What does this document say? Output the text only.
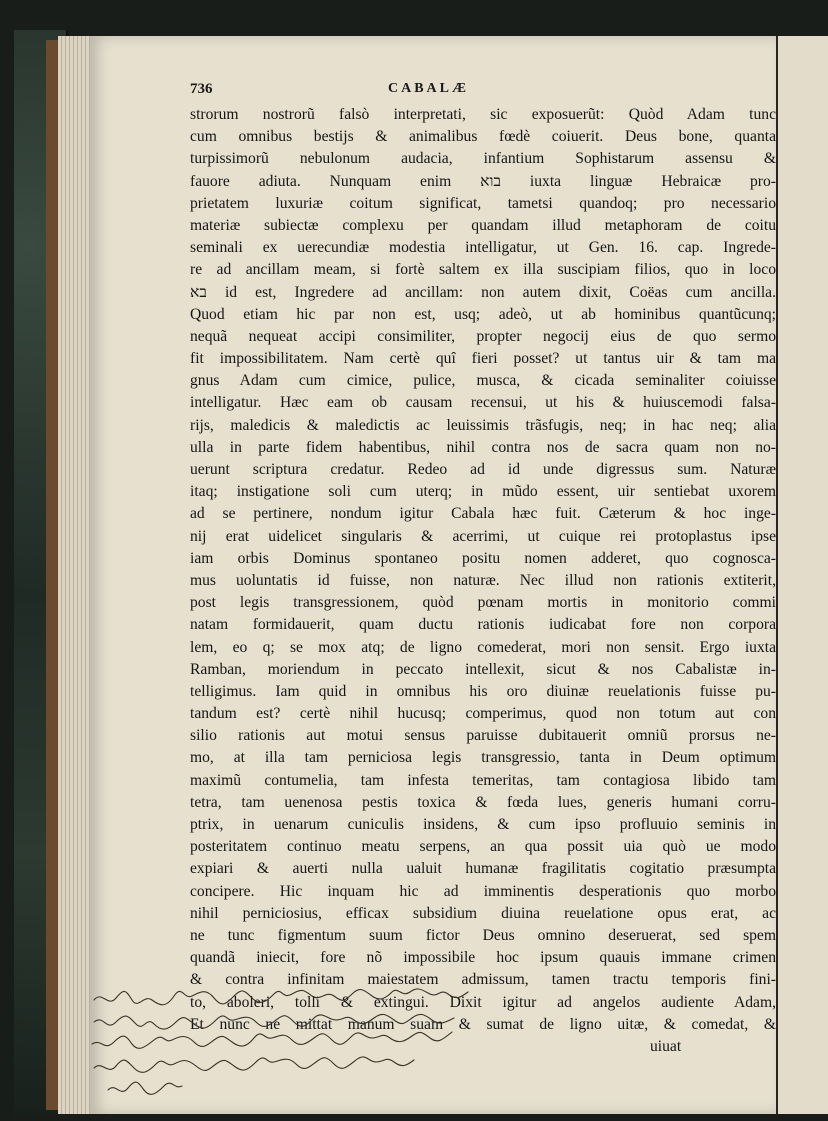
736	CABALÆ
strorum nostrorũ falsò interpretati, sic exposuerũt: Quòd Adam tunc
cum omnibus bestijs & animalibus fœdè coiuerit. Deus bone, quanta
turpissimorũ nebulonum audacia, infantium Sophistarum assensu &
fauore adiuta. Nunquam enim בוא iuxta linguæ Hebraicæ pro-
prietatem luxuriæ coitum significat, tametsi quandoq; pro necessario
materiæ subiectæ complexu per quandam illud metaphoram de coitu
seminali ex uerecundiæ modestia intelligatur, ut Gen. 16. cap. Ingrede-
re ad ancillam meam, si fortè saltem ex illa suscipiam filios, quo in loco
בא id est, Ingredere ad ancillam: non autem dixit, Coëas cum ancilla.
Quod etiam hic par non est, usq; adeò, ut ab hominibus quantũcunq;
nequã nequeat accipi consimiliter, propter negocij eius de quo sermo
fit impossibilitatem. Nam certè quî fieri posset? ut tantus uir & tam ma
gnus Adam cum cimice, pulice, musca, & cicada seminaliter coiuisse
intelligatur. Hæc eam ob causam recensui, ut his & huiuscemodi falsa-
rijs, maledicis & maledictis ac leuissimis trãsfugis, neq; in hac neq; alia
ulla in parte fidem habentibus, nihil contra nos de sacra quam non no-
uerunt scriptura credatur. Redeo ad id unde digressus sum. Naturæ
itaq; instigatione soli cum uterq; in mũdo essent, uir sentiebat uxorem
ad se pertinere, nondum igitur Cabala hæc fuit. Cæterum & hoc inge-
nij erat uidelicet singularis & acerrimi, ut cuique rei protoplastus ipse
iam orbis Dominus spontaneo positu nomen adderet, quo cognosca-
mus uoluntatis id fuisse, non naturæ. Nec illud non rationis extiterit,
post legis transgressionem, quòd pœnam mortis in monitorio commi
natam formidauerit, quam ductu rationis iudicabat fore non corpora
lem, eo q; se mox atq; de ligno comederat, mori non sensit. Ergo iuxta
Ramban, moriendum in peccato intellexit, sicut & nos Cabalistæ in-
telligimus. Iam quid in omnibus his oro diuinæ reuelationis fuisse pu-
tandum est? certè nihil hucusq; comperimus, quod non totum aut con
silio rationis aut motui sensus paruisse dubitauerit omniũ prorsus ne-
mo, at illa tam perniciosa legis transgressio, tanta in Deum optimum
maximũ contumelia, tam infesta temeritas, tam contagiosa libido tam
tetra, tam uenenosa pestis toxica & fœda lues, generis humani corru-
ptrix, in uenarum cuniculis insidens, & cum ipso profluuio seminis in
posteritatem continuo meatu serpens, an qua possit uia quò ue modo
expiari & auerti nulla ualuit humanæ fragilitatis cogitatio præsumpta
concipere. Hic inquam hic ad imminentis desperationis quo morbo
nihil perniciosius, efficax subsidium diuina reuelatione opus erat, ac
ne tunc figmentum suum fictor Deus omnino deseruerat, sed spem
quandã iniecit, fore nõ impossibile hoc ipsum quauis immane crimen
& contra infinitam maiestatem admissum, tamen tractu temporis fini-
to, aboleri, tolli & extingui. Dixit igitur ad angelos audiente Adam,
Et nunc ne mittat manum suam & sumat de ligno uitæ, & comedat, &
uiuat
